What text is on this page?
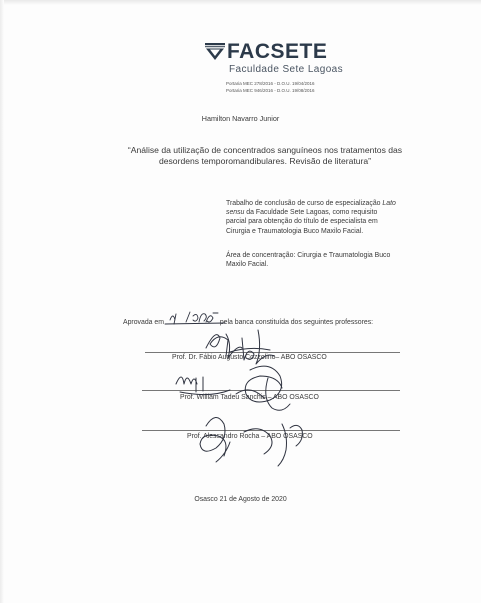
FACSETE
Faculdade Sete Lagoas
Portaria MEC 278/2016 - D.O.U. 19/04/2016
Portaria MEC 946/2016 - D.O.U. 19/08/2016
Hamilton Navarro Junior
“Análise da utilização de concentrados sanguíneos nos tratamentos das
desordens temporomandibulares. Revisão de literatura”
Trabalho de conclusão de curso de especialização Lato
sensu da Faculdade Sete Lagoas, como requisito
parcial para obtenção do título de especialista em
Cirurgia e Traumatologia Buco Maxilo Facial.
Área de concentração: Cirurgia e Traumatologia Buco
Maxilo Facial.
Aprovada em	pela banca constituída dos seguintes professores:
Prof. Dr. Fábio Augusto Cozzolino– ABO OSASCO
Prof. William Tadeu Sanchis – ABO OSASCO
Prof. Alessandro Rocha – ABO OSASCO
Osasco 21 de Agosto de 2020
